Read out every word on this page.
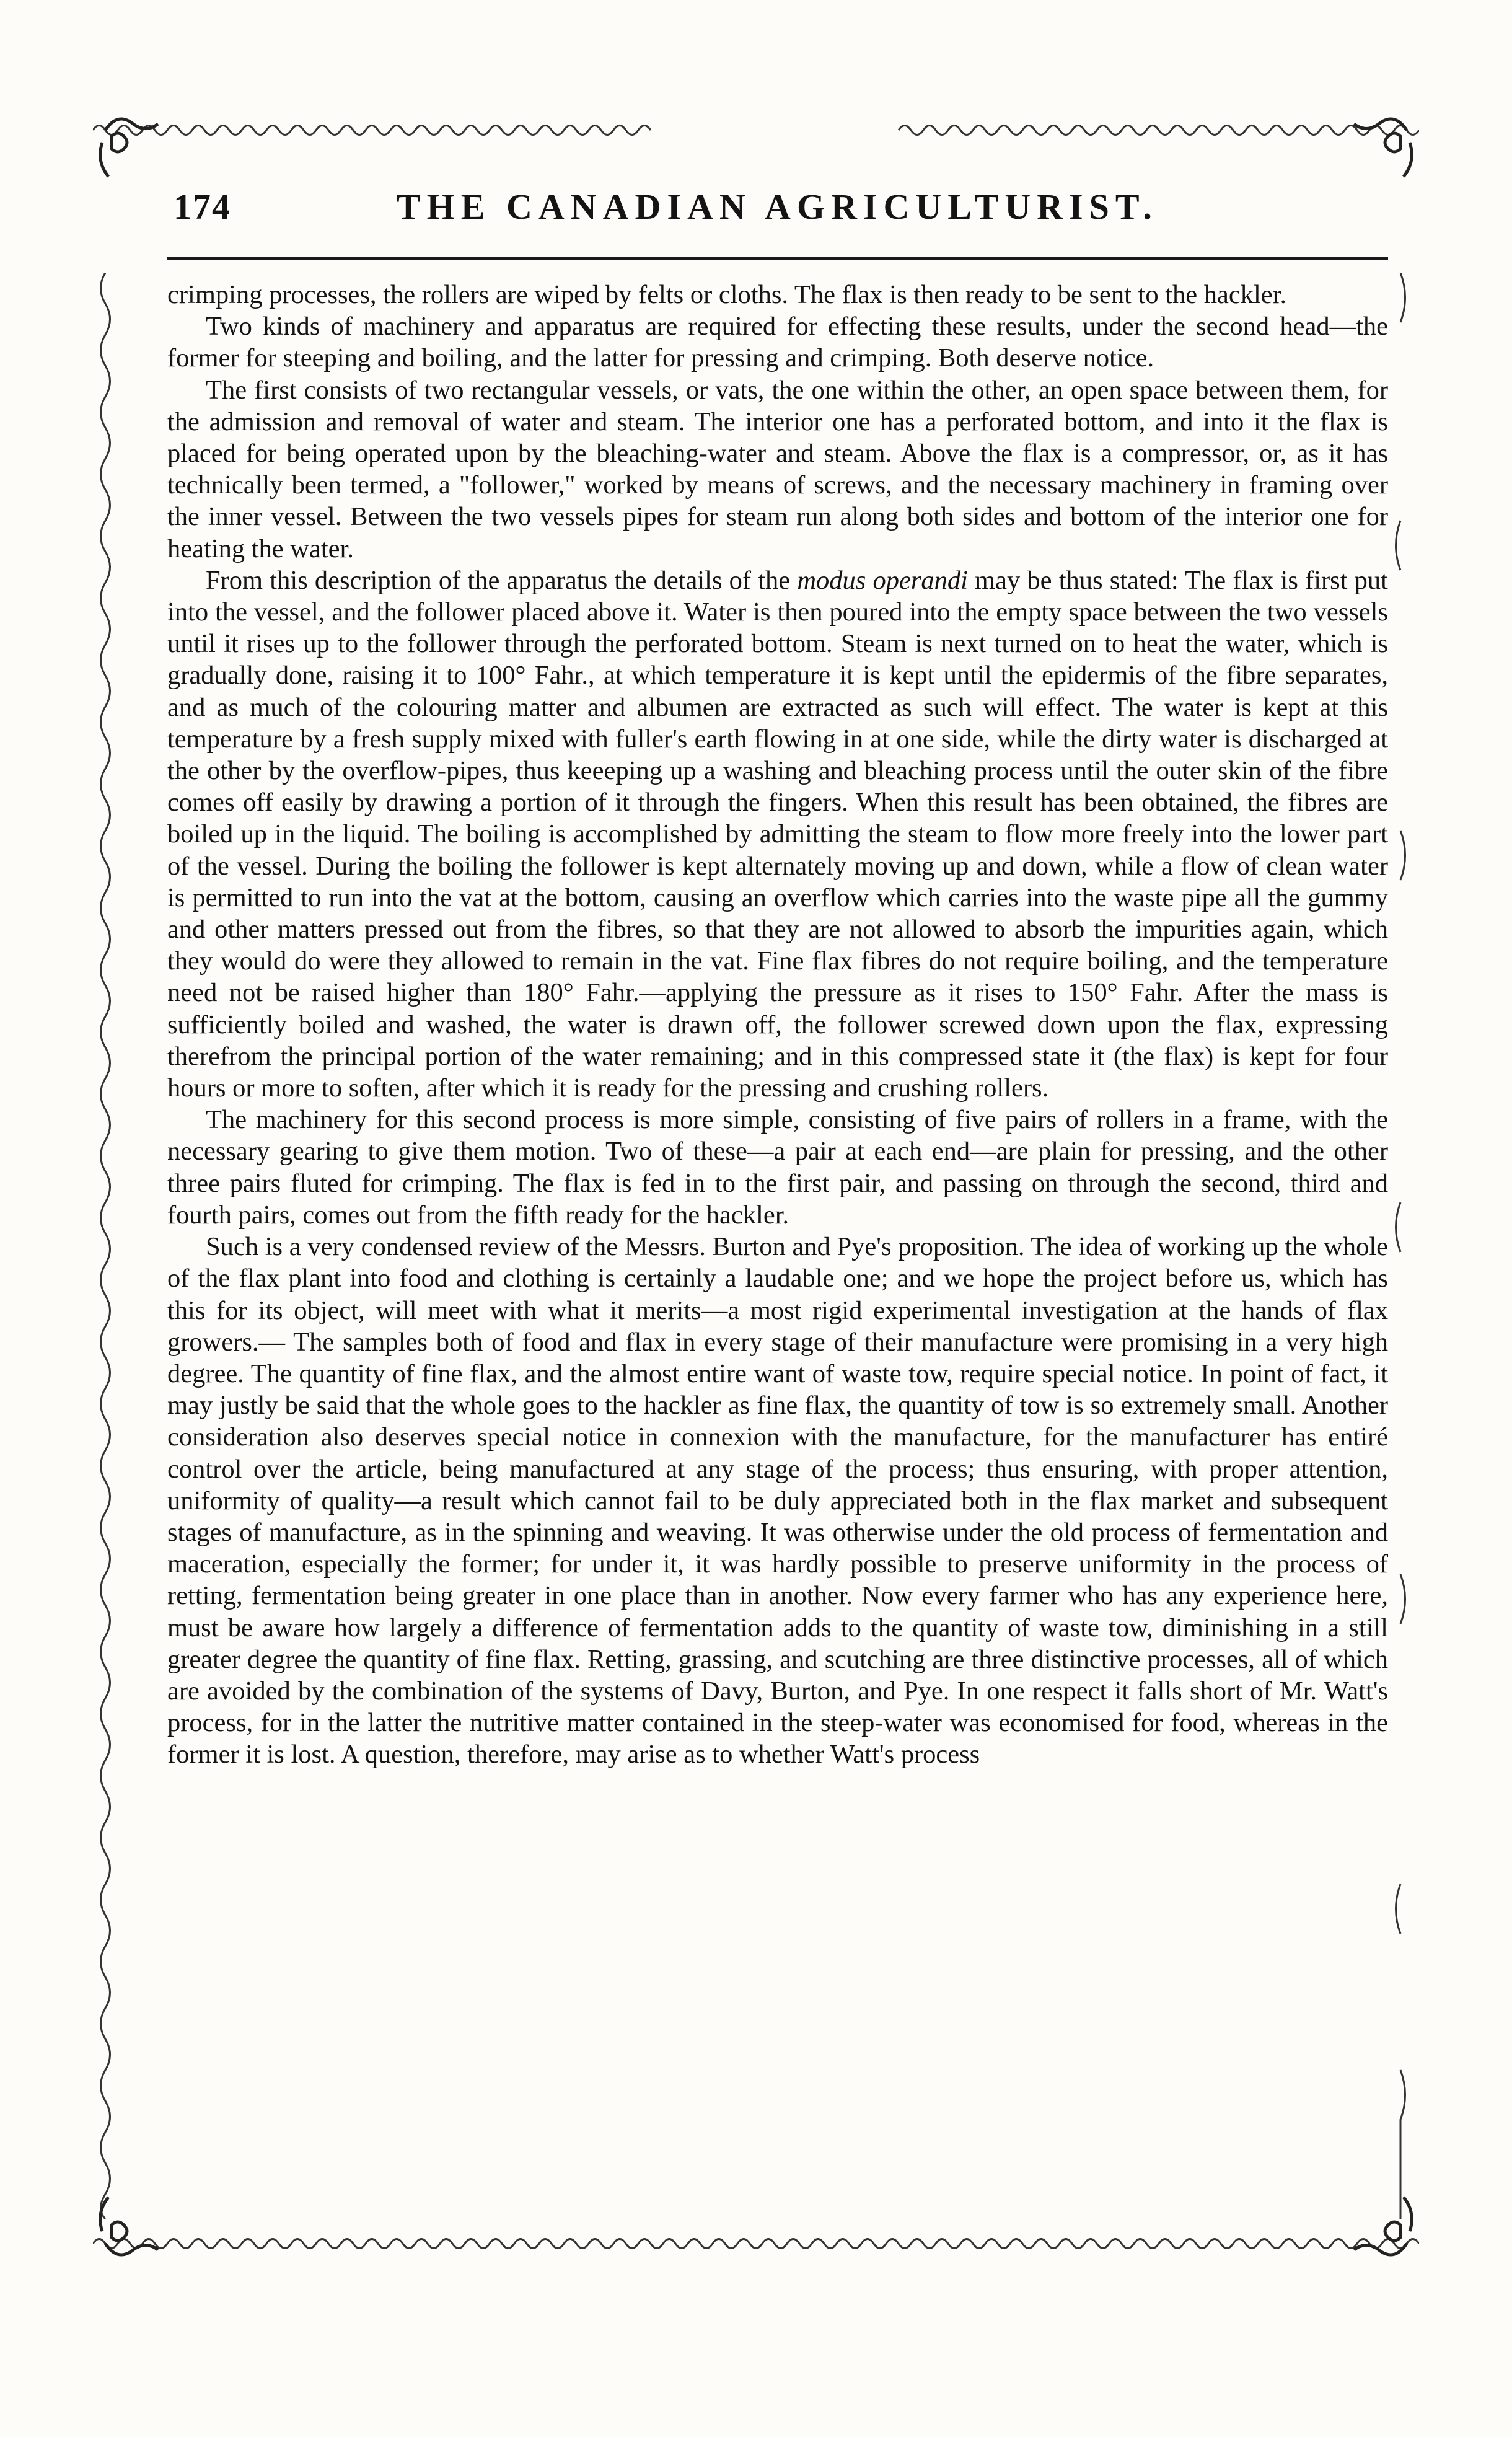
174	THE CANADIAN AGRICULTURIST.

crimping processes, the rollers are wiped by felts or cloths. The flax is then ready to be sent to the hackler.

Two kinds of machinery and apparatus are required for effecting these results, under the second head—the former for steeping and boiling, and the latter for pressing and crimping. Both deserve notice.

The first consists of two rectangular vessels, or vats, the one within the other, an open space between them, for the admission and removal of water and steam. The interior one has a perforated bottom, and into it the flax is placed for being operated upon by the bleaching-water and steam. Above the flax is a compressor, or, as it has technically been termed, a "follower," worked by means of screws, and the necessary machinery in framing over the inner vessel. Between the two vessels pipes for steam run along both sides and bottom of the interior one for heating the water.

From this description of the apparatus the details of the modus operandi may be thus stated: The flax is first put into the vessel, and the follower placed above it. Water is then poured into the empty space between the two vessels until it rises up to the follower through the perforated bottom. Steam is next turned on to heat the water, which is gradually done, raising it to 100° Fahr., at which temperature it is kept until the epidermis of the fibre separates, and as much of the colouring matter and albumen are extracted as such will effect. The water is kept at this temperature by a fresh supply mixed with fuller's earth flowing in at one side, while the dirty water is discharged at the other by the overflow-pipes, thus keeeping up a washing and bleaching process until the outer skin of the fibre comes off easily by drawing a portion of it through the fingers. When this result has been obtained, the fibres are boiled up in the liquid. The boiling is accomplished by admitting the steam to flow more freely into the lower part of the vessel. During the boiling the follower is kept alternately moving up and down, while a flow of clean water is permitted to run into the vat at the bottom, causing an overflow which carries into the waste pipe all the gummy and other matters pressed out from the fibres, so that they are not allowed to absorb the impurities again, which they would do were they allowed to remain in the vat. Fine flax fibres do not require boiling, and the temperature need not be raised higher than 180° Fahr.—applying the pressure as it rises to 150° Fahr. After the mass is sufficiently boiled and washed, the water is drawn off, the follower screwed down upon the flax, expressing therefrom the principal portion of the water remaining; and in this compressed state it (the flax) is kept for four hours or more to soften, after which it is ready for the pressing and crushing rollers.

The machinery for this second process is more simple, consisting of five pairs of rollers in a frame, with the necessary gearing to give them motion. Two of these—a pair at each end—are plain for pressing, and the other three pairs fluted for crimping. The flax is fed in to the first pair, and passing on through the second, third and fourth pairs, comes out from the fifth ready for the hackler.

Such is a very condensed review of the Messrs. Burton and Pye's proposition. The idea of working up the whole of the flax plant into food and clothing is certainly a laudable one; and we hope the project before us, which has this for its object, will meet with what it merits—a most rigid experimental investigation at the hands of flax growers.— The samples both of food and flax in every stage of their manufacture were promising in a very high degree. The quantity of fine flax, and the almost entire want of waste tow, require special notice. In point of fact, it may justly be said that the whole goes to the hackler as fine flax, the quantity of tow is so extremely small. Another consideration also deserves special notice in connexion with the manufacture, for the manufacturer has entiré control over the article, being manufactured at any stage of the process; thus ensuring, with proper attention, uniformity of quality—a result which cannot fail to be duly appreciated both in the flax market and subsequent stages of manufacture, as in the spinning and weaving. It was otherwise under the old process of fermentation and maceration, especially the former; for under it, it was hardly possible to preserve uniformity in the process of retting, fermentation being greater in one place than in another. Now every farmer who has any experience here, must be aware how largely a difference of fermentation adds to the quantity of waste tow, diminishing in a still greater degree the quantity of fine flax. Retting, grassing, and scutching are three distinctive processes, all of which are avoided by the combination of the systems of Davy, Burton, and Pye. In one respect it falls short of Mr. Watt's process, for in the latter the nutritive matter contained in the steep-water was economised for food, whereas in the former it is lost. A question, therefore, may arise as to whether Watt's process
